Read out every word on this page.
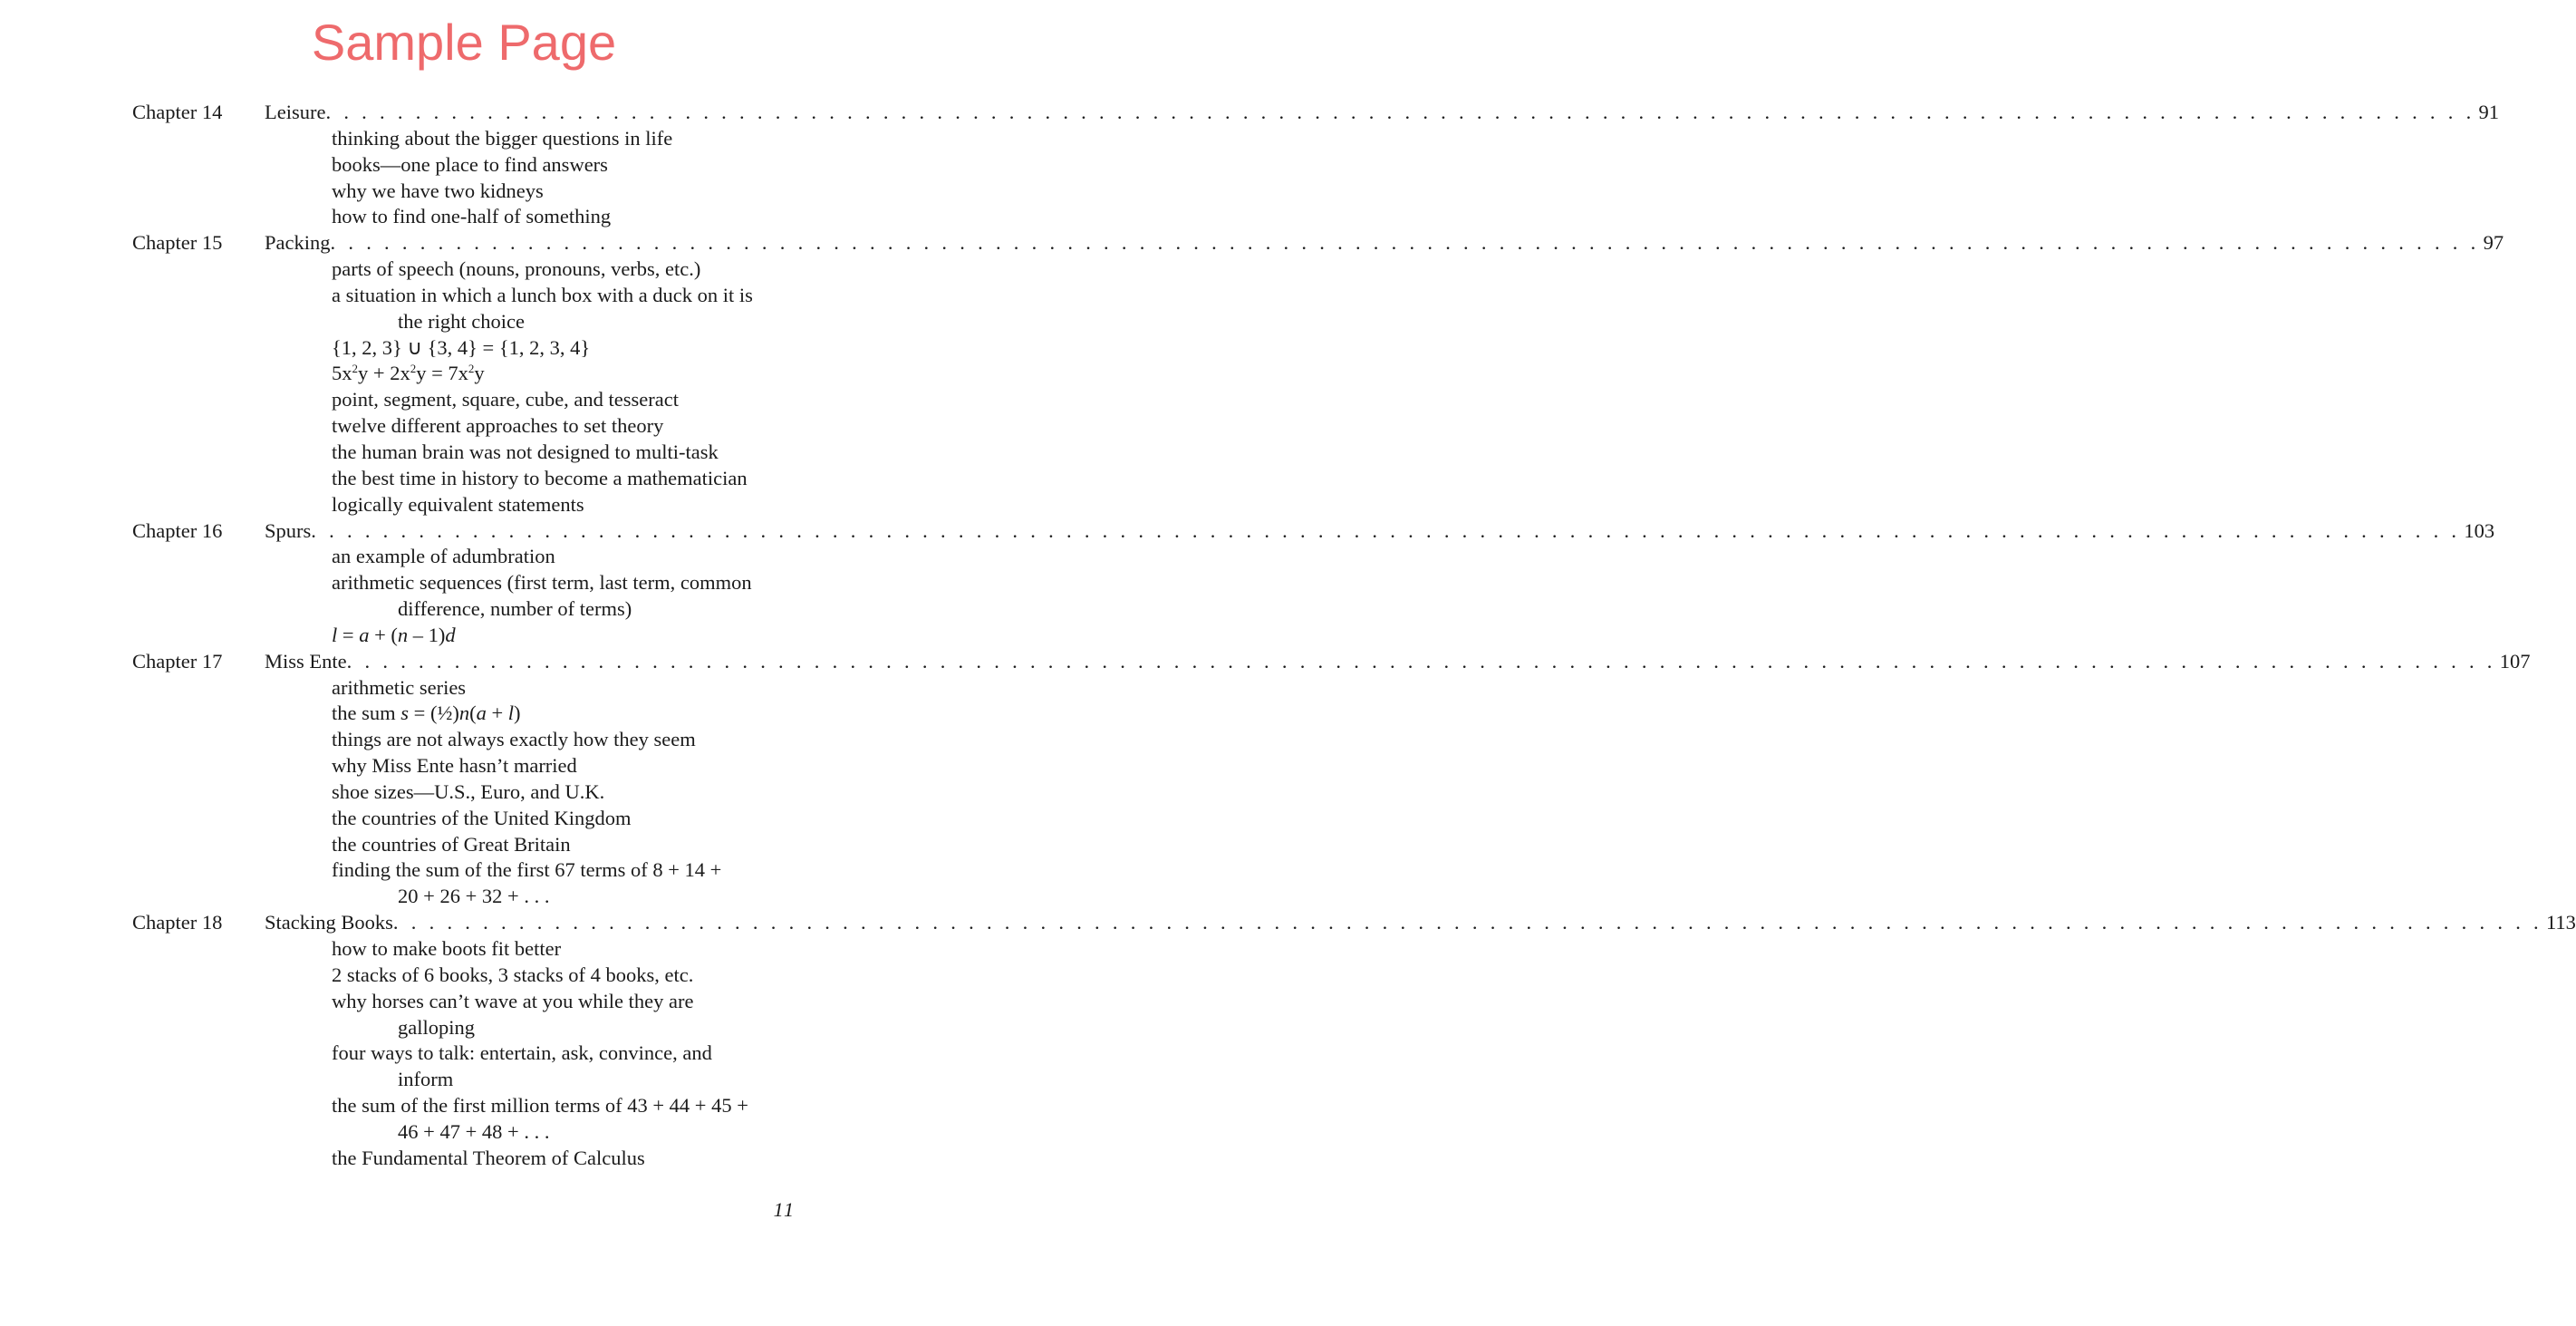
Sample Page
Chapter 14	Leisure . . . . . . . . . . . . . . . . . . . . . . . . . . . . . . . . . . . . . . . . . . . . . . . . . . . . . . . . . . . . . . . . . . . . . . . . . . . . . . . . . . . . . . . . . . . . . . . . . . . . . . . . . . . . . . . . . . . . . . . . 91
thinking about the bigger questions in life
books—one place to find answers
why we have two kidneys
how to find one-half of something
Chapter 15	Packing . . . . . . . . . . . . . . . . . . . . . . . . . . . . . . . . . . . . . . . . . . . . . . . . . . . . . . . . . . . . . . . . . . . . . . . . . . . . . . . . . . . . . . . . . . . . . . . . . . . . . . . . . . . . . . . . . . . . . . . . 97
parts of speech (nouns, pronouns, verbs, etc.)
a situation in which a lunch box with a duck on it is
the right choice
{1, 2, 3} ∪ {3, 4} = {1, 2, 3, 4}
$5x^2y + 2x^2y = 7x^2y$
point, segment, square, cube, and tesseract
twelve different approaches to set theory
the human brain was not designed to multi-task
the best time in history to become a mathematician
logically equivalent statements
Chapter 16	Spurs . . . . . . . . . . . . . . . . . . . . . . . . . . . . . . . . . . . . . . . . . . . . . . . . . . . . . . . . . . . . . . . . . . . . . . . . . . . . . . . . . . . . . . . . . . . . . . . . . . . . . . . . . . . . . . . . . . . . . . . . 103
an example of adumbration
arithmetic sequences (first term, last term, common
difference, number of terms)
l = a + (n – 1)d
Chapter 17	Miss Ente . . . . . . . . . . . . . . . . . . . . . . . . . . . . . . . . . . . . . . . . . . . . . . . . . . . . . . . . . . . . . . . . . . . . . . . . . . . . . . . . . . . . . . . . . . . . . . . . . . . . . . . . . . . . . . . . . . . . . . . . 107
arithmetic series
the sum s = (½)n(a + l)
things are not always exactly how they seem
why Miss Ente hasn’t married
shoe sizes—U.S., Euro, and U.K.
the countries of the United Kingdom
the countries of Great Britain
finding the sum of the first 67 terms of 8 + 14 +
20 + 26 + 32 + . . .
Chapter 18	Stacking Books . . . . . . . . . . . . . . . . . . . . . . . . . . . . . . . . . . . . . . . . . . . . . . . . . . . . . . . . . . . . . . . . . . . . . . . . . . . . . . . . . . . . . . . . . . . . . . . . . . . . . . . . . . . . . . . . . . . . . . . . 113
how to make boots fit better
2 stacks of 6 books, 3 stacks of 4 books, etc.
why horses can’t wave at you while they are
galloping
four ways to talk: entertain, ask, convince, and
inform
the sum of the first million terms of 43 + 44 + 45 +
46 + 47 + 48 + . . .
the Fundamental Theorem of Calculus
11
